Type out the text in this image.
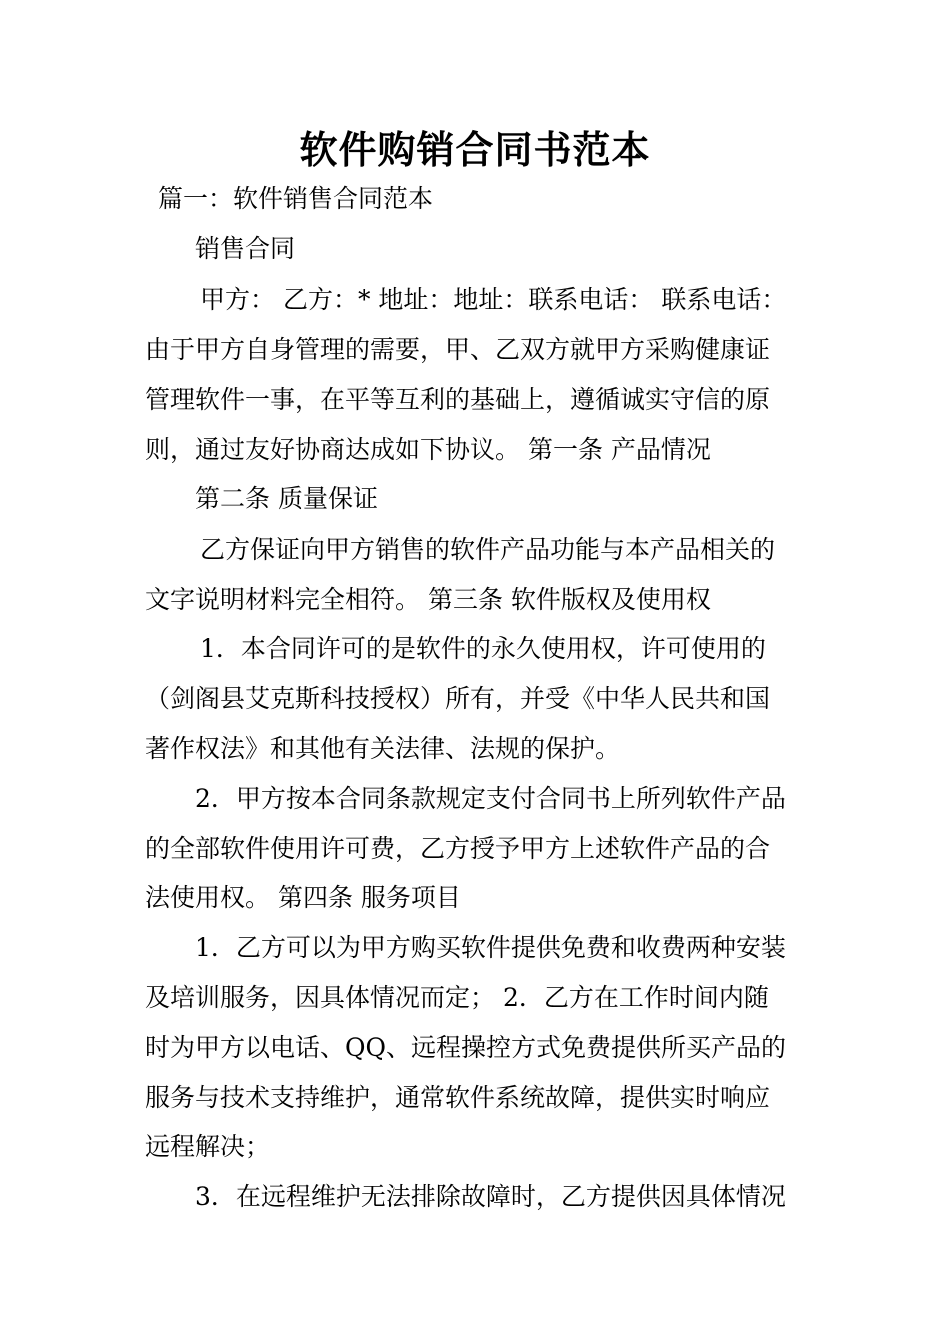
软件购销合同书范本
篇一：软件销售合同范本
销售合同
甲方： 乙方：* 地址：地址：联系电话： 联系电话：
由于甲方自身管理的需要，甲、乙双方就甲方采购健康证
管理软件一事，在平等互利的基础上，遵循诚实守信的原
则，通过友好协商达成如下协议。 第一条 产品情况
第二条 质量保证
乙方保证向甲方销售的软件产品功能与本产品相关的
文字说明材料完全相符。 第三条 软件版权及使用权
1．本合同许可的是软件的永久使用权，许可使用的
（剑阁县艾克斯科技授权）所有，并受《中华人民共和国
著作权法》和其他有关法律、法规的保护。
2．甲方按本合同条款规定支付合同书上所列软件产品
的全部软件使用许可费，乙方授予甲方上述软件产品的合
法使用权。 第四条 服务项目
1．乙方可以为甲方购买软件提供免费和收费两种安装
及培训服务，因具体情况而定； 2．乙方在工作时间内随
时为甲方以电话、QQ、远程操控方式免费提供所买产品的
服务与技术支持维护，通常软件系统故障，提供实时响应
远程解决；
3．在远程维护无法排除故障时，乙方提供因具体情况
